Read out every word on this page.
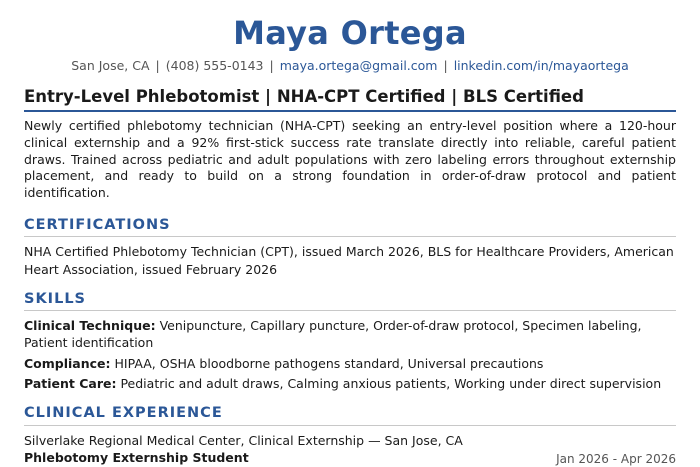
Maya Ortega
San Jose, CA | (408) 555-0143 | maya.ortega@gmail.com | linkedin.com/in/mayaortega
Entry-Level Phlebotomist | NHA-CPT Certified | BLS Certified
Newly certified phlebotomy technician (NHA-CPT) seeking an entry-level position where a 120-hour clinical externship and a 92% first-stick success rate translate directly into reliable, careful patient draws. Trained across pediatric and adult populations with zero labeling errors throughout externship placement, and ready to build on a strong foundation in order-of-draw protocol and patient identification.
CERTIFICATIONS
NHA Certified Phlebotomy Technician (CPT), issued March 2026, BLS for Healthcare Providers, American Heart Association, issued February 2026
SKILLS
Clinical Technique: Venipuncture, Capillary puncture, Order-of-draw protocol, Specimen labeling, Patient identification
Compliance: HIPAA, OSHA bloodborne pathogens standard, Universal precautions
Patient Care: Pediatric and adult draws, Calming anxious patients, Working under direct supervision
CLINICAL EXPERIENCE
Silverlake Regional Medical Center, Clinical Externship — San Jose, CA
Phlebotomy Externship Student	Jan 2026 - Apr 2026
